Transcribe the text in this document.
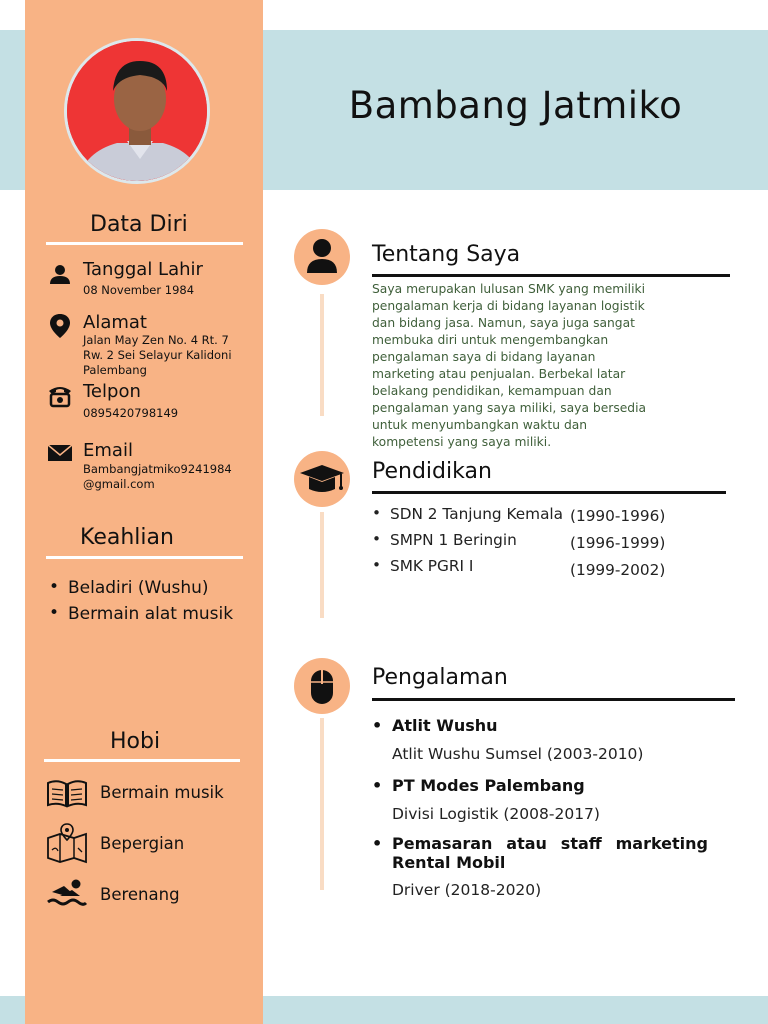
Bambang Jatmiko
Data Diri
Tanggal Lahir
08 November 1984
Alamat
Jalan May Zen No. 4 Rt. 7
Rw. 2 Sei Selayur Kalidoni
Palembang
Telpon
0895420798149
Email
Bambangjatmiko9241984
@gmail.com
Keahlian
• Beladiri (Wushu)
• Bermain alat musik
Hobi
Bermain musik
Bepergian
Berenang
Tentang Saya
Saya merupakan lulusan SMK yang memiliki
pengalaman kerja di bidang layanan logistik
dan bidang jasa. Namun, saya juga sangat
membuka diri untuk mengembangkan
pengalaman saya di bidang layanan
marketing atau penjualan. Berbekal latar
belakang pendidikan, kemampuan dan
pengalaman yang saya miliki, saya bersedia
untuk menyumbangkan waktu dan
kompetensi yang saya miliki.
Pendidikan
• SDN 2 Tanjung Kemala (1990-1996)
• SMPN 1 Beringin	(1996-1999)
• SMK PGRI I	(1999-2002)
Pengalaman
• Atlit Wushu
Atlit Wushu Sumsel (2003-2010)
• PT Modes Palembang
Divisi Logistik (2008-2017)
• Pemasaran atau staff marketing
Rental Mobil
Driver (2018-2020)
